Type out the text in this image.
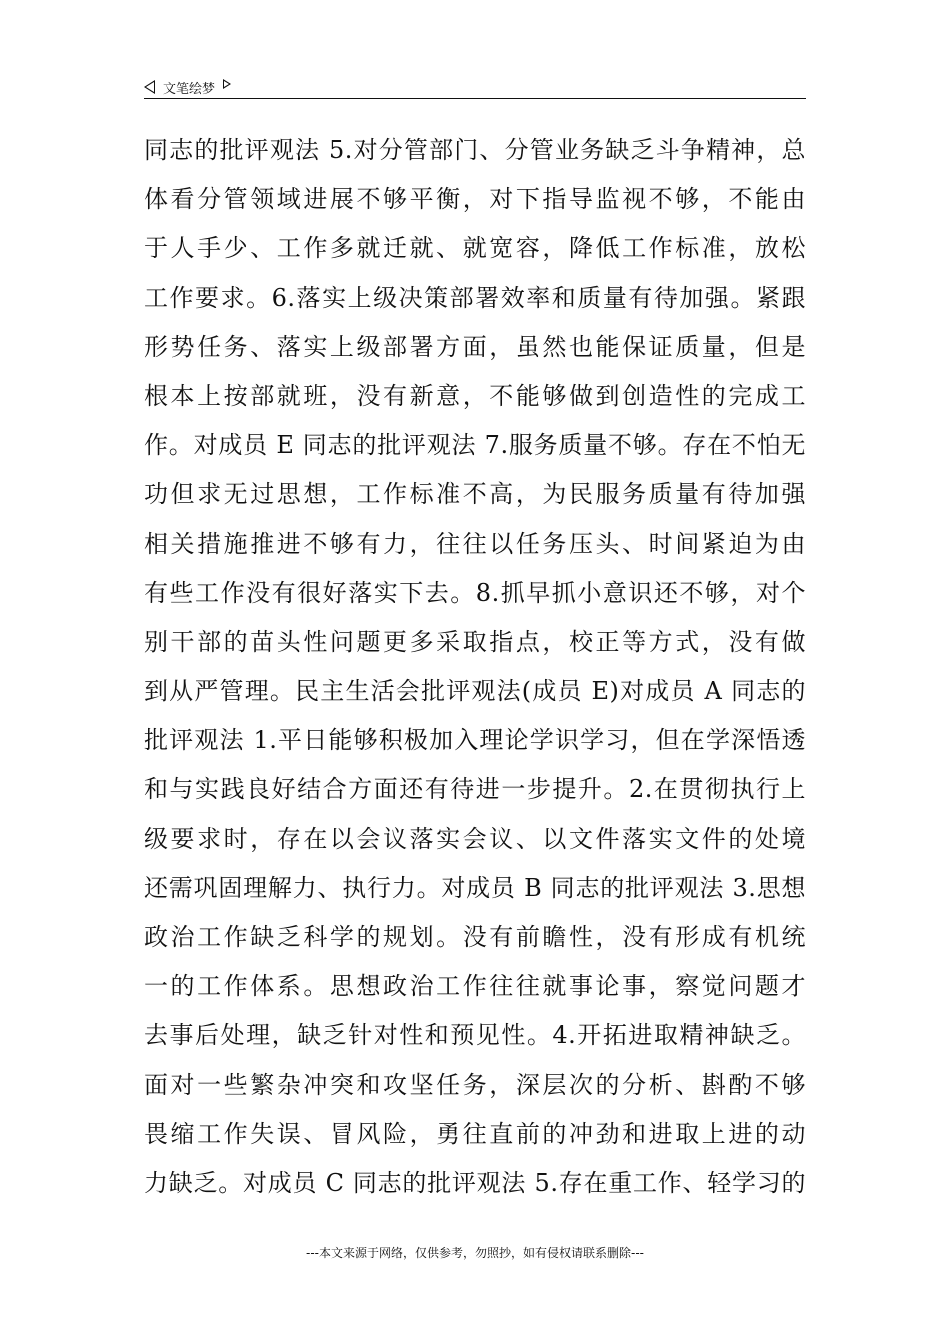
文笔绘梦
同志的批评观法 5.对分管部门、分管业务缺乏斗争精神，总
体看分管领域进展不够平衡，对下指导监视不够，不能由
于人手少、工作多就迁就、就宽容，降低工作标准，放松
工作要求。6.落实上级决策部署效率和质量有待加强。紧跟
形势任务、落实上级部署方面，虽然也能保证质量，但是
根本上按部就班，没有新意，不能够做到创造性的完成工
作。对成员 E 同志的批评观法 7.服务质量不够。存在不怕无
功但求无过思想，工作标准不高，为民服务质量有待加强
相关措施推进不够有力，往往以任务压头、时间紧迫为由
有些工作没有很好落实下去。8.抓早抓小意识还不够，对个
别干部的苗头性问题更多采取指点，校正等方式，没有做
到从严管理。民主生活会批评观法(成员 E)对成员 A 同志的
批评观法 1.平日能够积极加入理论学识学习，但在学深悟透
和与实践良好结合方面还有待进一步提升。2.在贯彻执行上
级要求时，存在以会议落实会议、以文件落实文件的处境
还需巩固理解力、执行力。对成员 B 同志的批评观法 3.思想
政治工作缺乏科学的规划。没有前瞻性，没有形成有机统
一的工作体系。思想政治工作往往就事论事，察觉问题才
去事后处理，缺乏针对性和预见性。4.开拓进取精神缺乏。
面对一些繁杂冲突和攻坚任务，深层次的分析、斟酌不够
畏缩工作失误、冒风险，勇往直前的冲劲和进取上进的动
力缺乏。对成员 C 同志的批评观法 5.存在重工作、轻学习的
---本文来源于网络，仅供参考，勿照抄，如有侵权请联系删除---
